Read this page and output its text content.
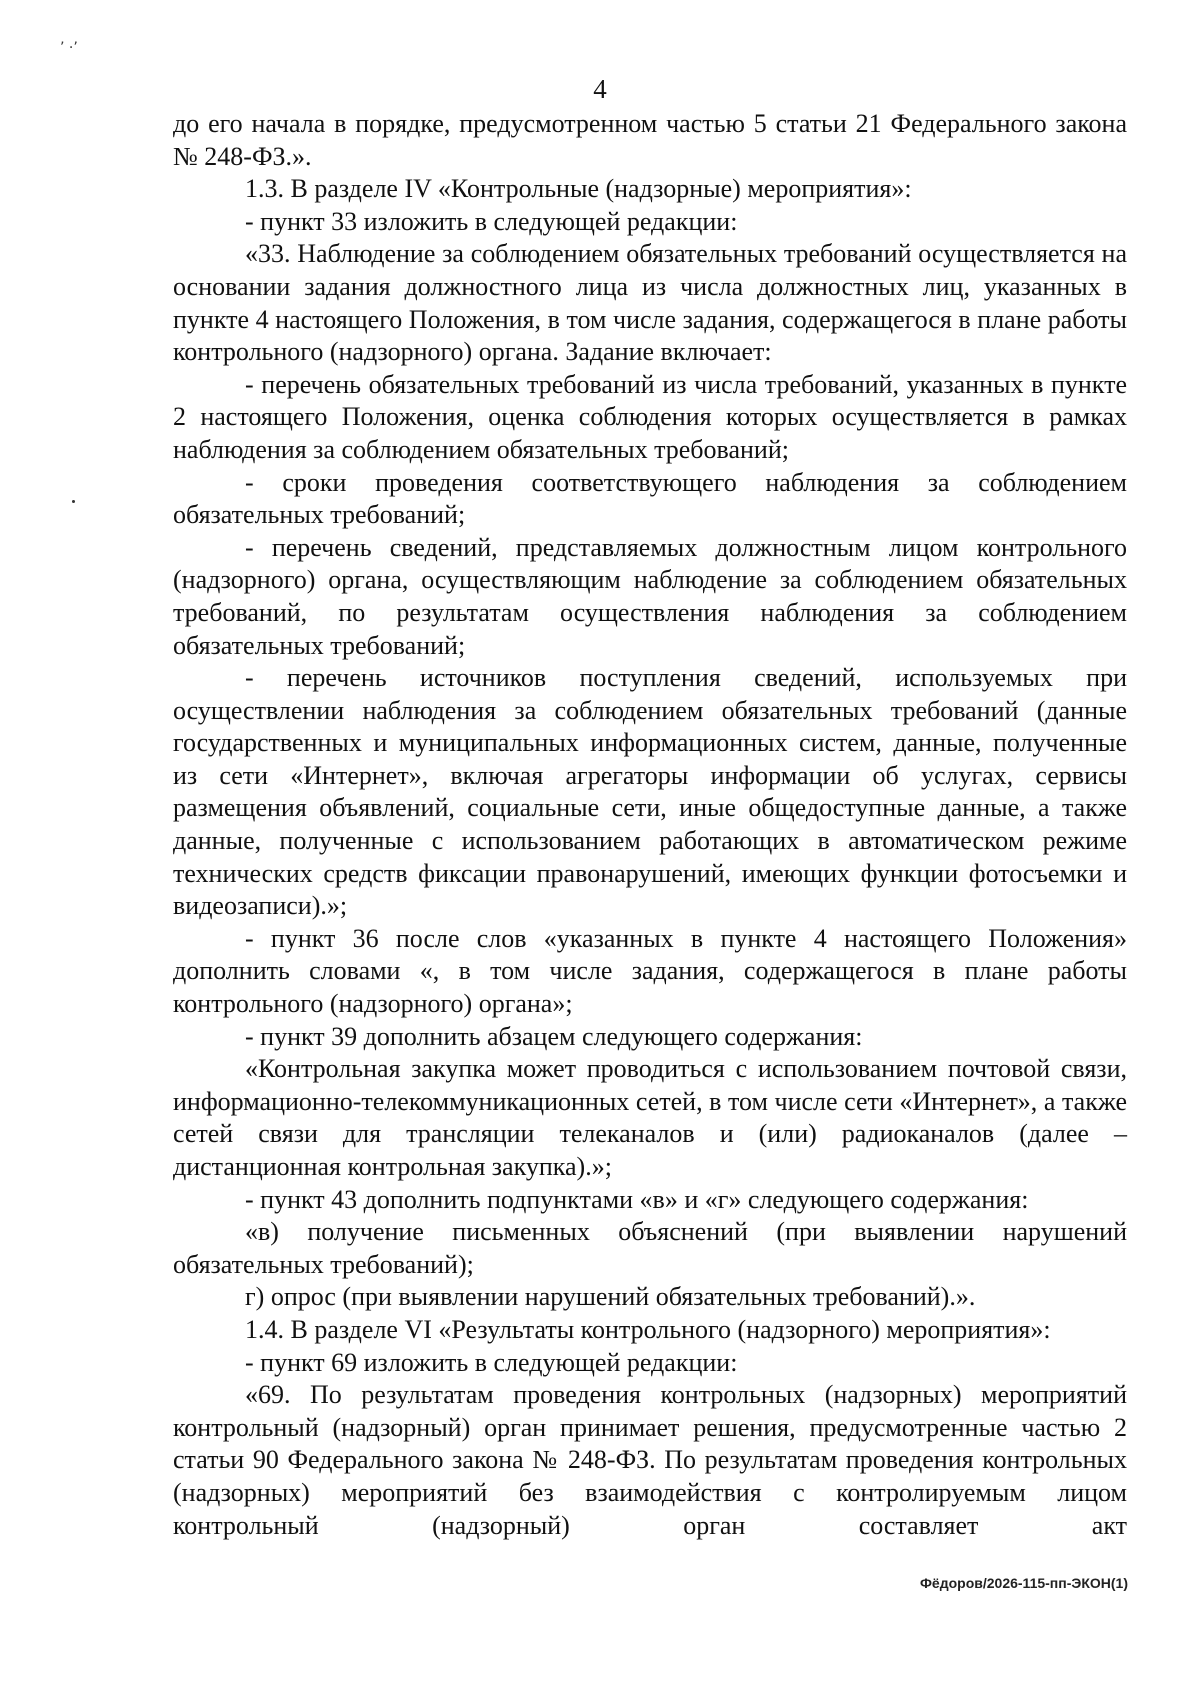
’ ·’
4

до его начала в порядке, предусмотренном частью 5 статьи 21 Федерального закона № 248-ФЗ.».

1.3. В разделе IV «Контрольные (надзорные) мероприятия»:

- пункт 33 изложить в следующей редакции:

«33. Наблюдение за соблюдением обязательных требований осуществляется на основании задания должностного лица из числа должностных лиц, указанных в пункте 4 настоящего Положения, в том числе задания, содержащегося в плане работы контрольного (надзорного) органа. Задание включает:

- перечень обязательных требований из числа требований, указанных в пункте 2 настоящего Положения, оценка соблюдения которых осуществляется в рамках наблюдения за соблюдением обязательных требований;

- сроки проведения соответствующего наблюдения за соблюдением обязательных требований;

- перечень сведений, представляемых должностным лицом контрольного (надзорного) органа, осуществляющим наблюдение за соблюдением обязательных требований, по результатам осуществления наблюдения за соблюдением обязательных требований;

- перечень источников поступления сведений, используемых при осуществлении наблюдения за соблюдением обязательных требований (данные государственных и муниципальных информационных систем, данные, полученные из сети «Интернет», включая агрегаторы информации об услугах, сервисы размещения объявлений, социальные сети, иные общедоступные данные, а также данные, полученные с использованием работающих в автоматическом режиме технических средств фиксации правонарушений, имеющих функции фотосъемки и видеозаписи).»;

- пункт 36 после слов «указанных в пункте 4 настоящего Положения» дополнить словами «, в том числе задания, содержащегося в плане работы контрольного (надзорного) органа»;

- пункт 39 дополнить абзацем следующего содержания:

«Контрольная закупка может проводиться с использованием почтовой связи, информационно-телекоммуникационных сетей, в том числе сети «Интернет», а также сетей связи для трансляции телеканалов и (или) радиоканалов (далее – дистанционная контрольная закупка).»;

- пункт 43 дополнить подпунктами «в» и «г» следующего содержания:

«в) получение письменных объяснений (при выявлении нарушений обязательных требований);

г) опрос (при выявлении нарушений обязательных требований).».

1.4. В разделе VI «Результаты контрольного (надзорного) мероприятия»:

- пункт 69 изложить в следующей редакции:

«69. По результатам проведения контрольных (надзорных) мероприятий контрольный (надзорный) орган принимает решения, предусмотренные частью 2 статьи 90 Федерального закона № 248-ФЗ. По результатам проведения контрольных (надзорных) мероприятий без взаимодействия с контролируемым лицом контрольный (надзорный) орган составляет акт

Фёдоров/2026-115-пп-ЭКОН(1)
